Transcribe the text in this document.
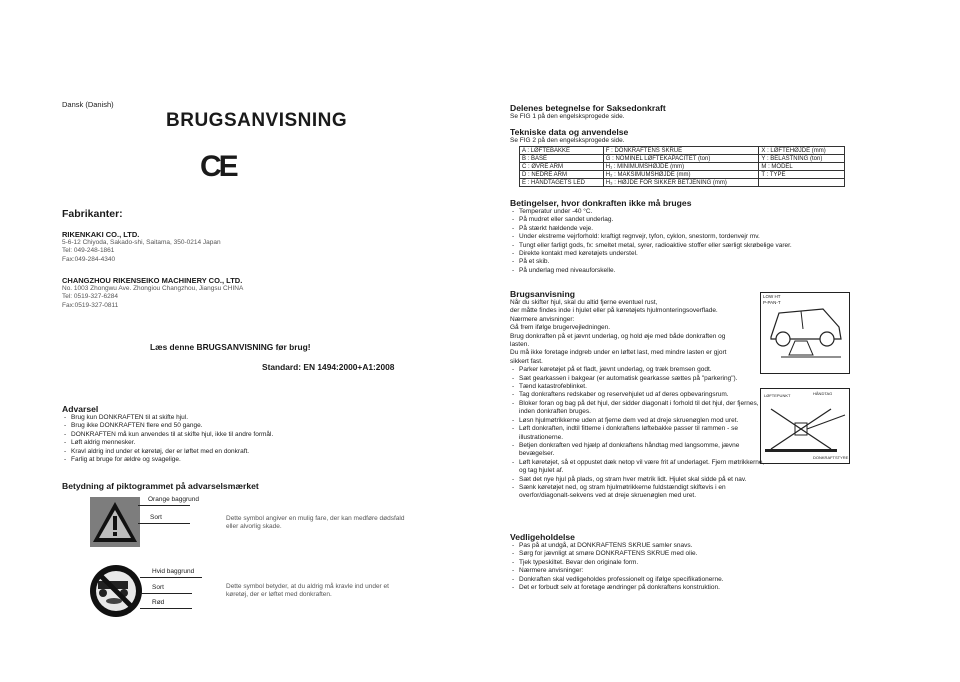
Dansk (Danish)
BRUGSANVISNING
CE
Fabrikanter:
RIKENKAKI CO., LTD.
5-6-12 Chiyoda, Sakado-shi, Saitama, 350-0214 Japan
Tel: 049-248-1861
Fax:049-284-4340
CHANGZHOU RIKENSEIKO MACHINERY CO., LTD.
No. 1003 Zhongwu Ave. Zhongiou Changzhou, Jiangsu CHINA
Tel: 0519-327-6284
Fax:0519-327-0811
Læs denne BRUGSANVISNING før brug!
Standard: EN 1494:2000+A1:2008
Advarsel
- Brug kun DONKRAFTEN til at skifte hjul.
- Brug ikke DONKRAFTEN flere end 50 gange.
- DONKRAFTEN må kun anvendes til at skifte hjul, ikke til andre formål.
- Løft aldrig mennesker.
- Kravl aldrig ind under et køretøj, der er løftet med en donkraft.
- Farlig at bruge for ældre og svagelige.
Betydning af piktogrammet på advarselsmærket
Orange baggrund
Sort	Dette symbol angiver en mulig fare, der kan medføre dødsfald
eller alvorlig skade.
Hvid baggrund
Sort
Rød
Dette symbol betyder, at du aldrig må kravle ind under et
køretøj, der er løftet med donkraften.
Delenes betegnelse for Saksedonkraft
Se FIG 1 på den engelsksprogede side.
Tekniske data og anvendelse
Se FIG 2 på den engelsksprogede side.
A : LØFTEBAKKE	F : DONKRAFTENS SKRUE	X : LØFTEHØJDE (mm)
B : BASE	G : NOMINEL LØFTEKAPACITET (ton)	Y : BELASTNING (ton)
C : ØVRE ARM	H₁ : MINIMUMSHØJDE (mm)	M : MODEL
D : NEDRE ARM	H₂ : MAKSIMUMSHØJDE (mm)	T : TYPE
E : HÅNDTAGETS LED	H₃ : HØJDE FOR SIKKER BETJENING (mm)	
Betingelser, hvor donkraften ikke må bruges
- Temperatur under -40 °C.
- På mudret eller sandet underlag.
- På stærkt hældende veje.
- Under ekstreme vejrforhold: kraftigt regnvejr, tyfon, cyklon, snestorm, tordenvejr mv.
- Tungt eller farligt gods, fx: smeltet metal, syrer, radioaktive stoffer eller særligt skrøbelige varer.
- Direkte kontakt med køretøjets understel.
- På et skib.
- På underlag med niveauforskelle.
Brugsanvisning
Når du skifter hjul, skal du altid fjerne eventuel rust,
der måtte findes inde i hjulet eller på køretøjets hjulmonteringsoverflade.
Nærmere anvisninger:
Gå frem ifølge brugervejledningen.
Brug donkraften på et jævnt underlag, og hold øje med både donkraften og
lasten.
Du må ikke foretage indgreb under en løftet last, med mindre lasten er gjort
sikkert fast.
- Parker køretøjet på et fladt, jævnt underlag, og træk bremsen godt.
- Sæt gearkassen i bakgear (er automatisk gearkasse sættes på "parkering").
- Tænd katastrofeblinket.
- Tag donkraftens redskaber og reservehjulet ud af deres opbevaringsrum.
- Bloker foran og bag på det hjul, der sidder diagonalt i forhold til det hjul, der fjernes, inden donkraften bruges.
- Løsn hjulmøtrikkerne uden at fjerne dem ved at dreje skruenøglen mod uret.
- Løft donkraften, indtil fitteme i donkraftens løftebakke passer til rammen - se illustrationerne.
- Betjen donkraften ved hjælp af donkraftens håndtag med langsomme, jævne bevægelser.
- Løft køretøjet, så et oppustet dæk netop vil være frit af underlaget. Fjern møtrikkerne, og tag hjulet af.
- Sæt det nye hjul på plads, og stram hver møtrik lidt. Hjulet skal sidde på et nav.
- Sænk køretøjet ned, og stram hjulmøtrikkerne fuldstændigt skiftevis i en overfor/diagonalt-sekvens ved at dreje skruenøglen med uret.
LOW HT
P-PAN-T
LØFTEPUNKT	HÅNDTAG
DONKRAFTSTYRE
Vedligeholdelse
- Pas på at undgå, at DONKRAFTENS SKRUE samler snavs.
- Sørg for jævnligt at smøre DONKRAFTENS SKRUE med olie.
- Tjek typeskiltet. Bevar den originale form.
- Nærmere anvisninger:
- Donkraften skal vedligeholdes professionelt og ifølge specifikationerne.
- Det er forbudt selv at foretage ændringer på donkraftens konstruktion.
